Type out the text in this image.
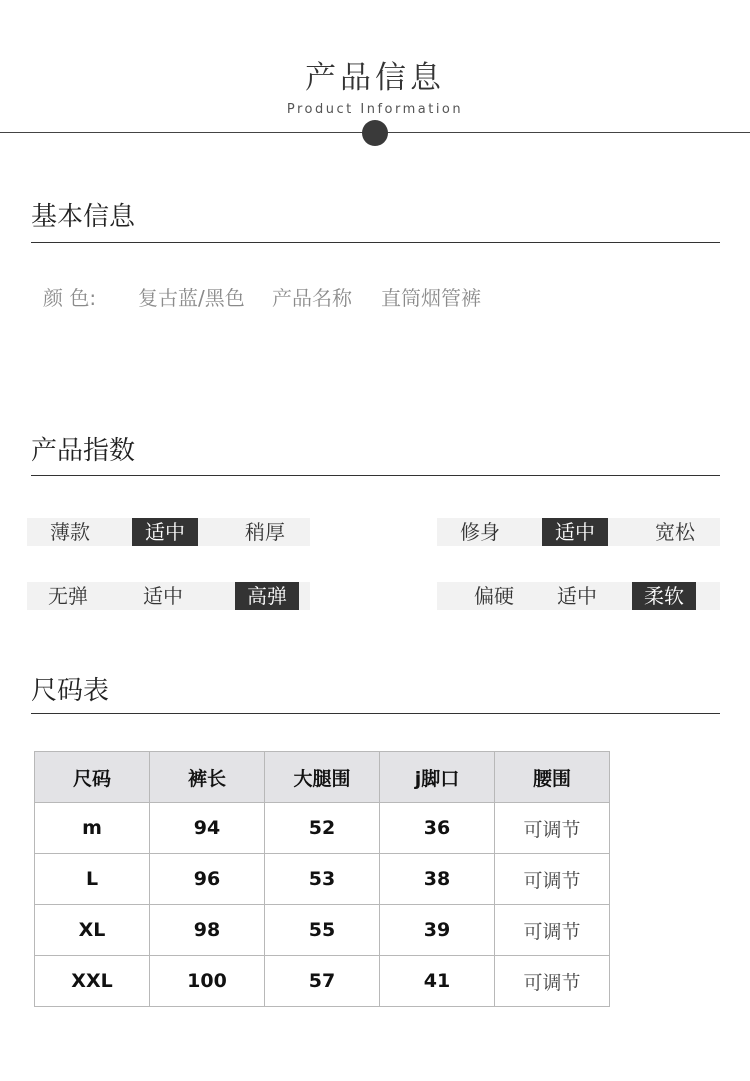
产品信息
Product Information
基本信息
颜 色: 复古蓝/黑色 产品名称 直筒烟管裤
产品指数
薄款	适中	稍厚	修身	适中	宽松
无弹	适中	高弹	偏硬	适中	柔软
尺码表
尺码	裤长	大腿围	j脚口	腰围
m	94	52	36	可调节
L	96	53	38	可调节
XL	98	55	39	可调节
XXL	100	57	41	可调节
